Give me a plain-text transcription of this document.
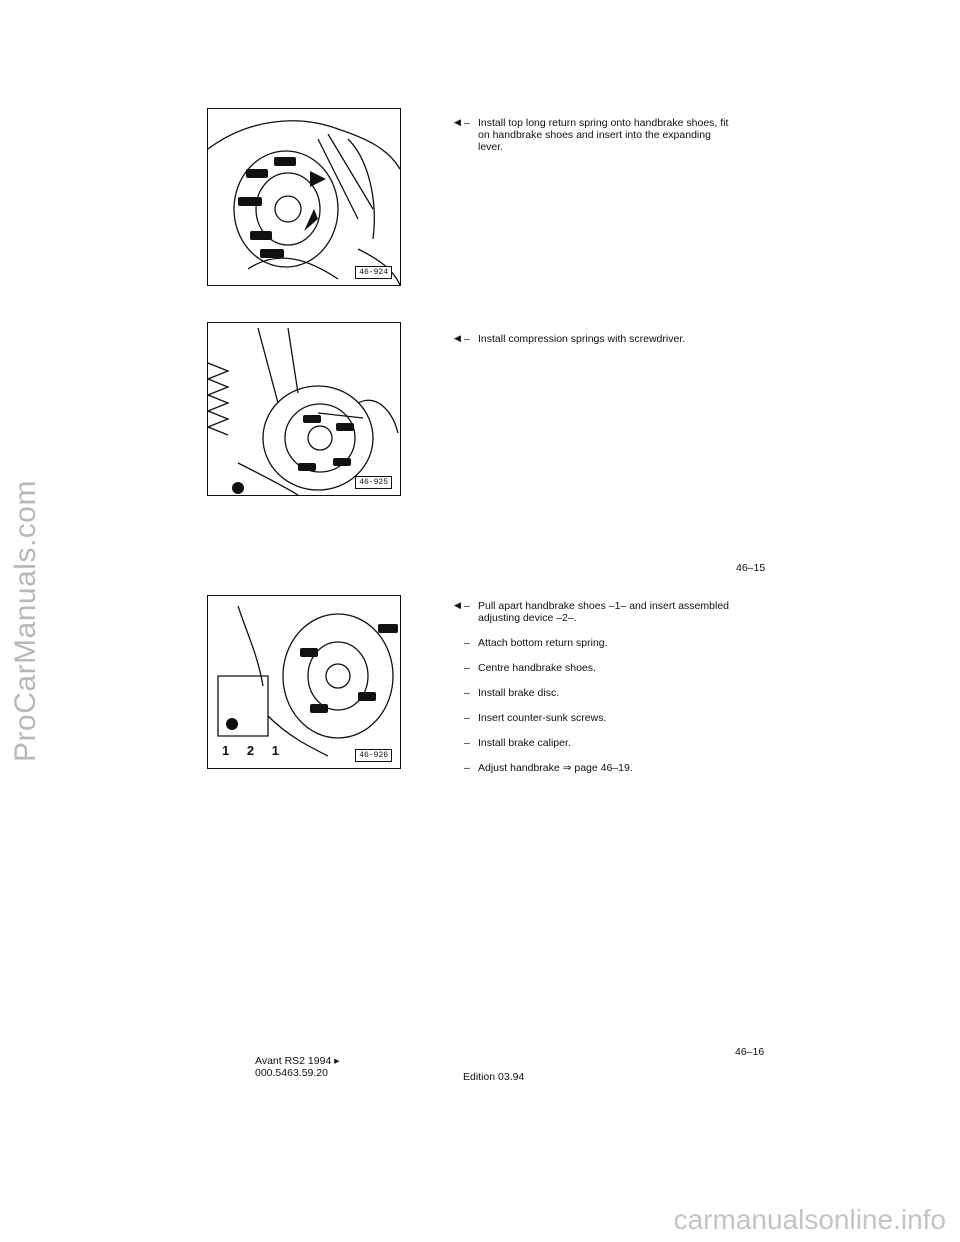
ProCarManuals.com
46-924
46-925
1 2 1	46-926
◀ – Install top long return spring onto handbrake shoes, fit on handbrake shoes and insert into the expanding lever.
◀ – Install compression springs with screwdriver.
◀ – Pull apart handbrake shoes –1– and insert assembled adjusting device –2–.
– Attach bottom return spring.
– Centre handbrake shoes.
– Install brake disc.
– Insert counter-sunk screws.
– Install brake caliper.
– Adjust handbrake ⇒ page 46–19.
46–15
46–16
Avant RS2 1994 ▸
000.5463.59.20	Edition 03.94
carmanualsonline.info
